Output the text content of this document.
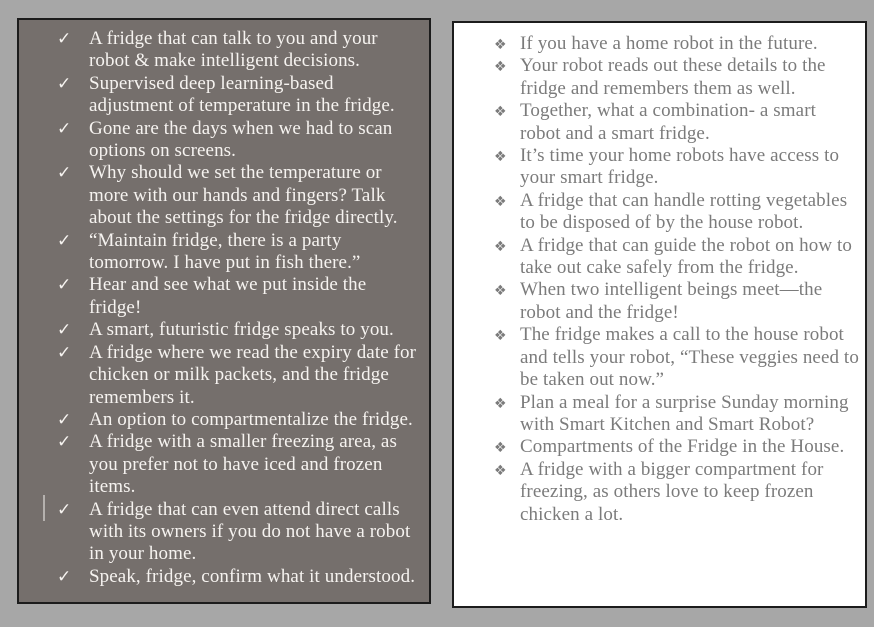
✓ A fridge that can talk to you and your robot & make intelligent decisions.
✓ Supervised deep learning-based adjustment of temperature in the fridge.
✓ Gone are the days when we had to scan options on screens.
✓ Why should we set the temperature or more with our hands and fingers? Talk about the settings for the fridge directly.
✓ “Maintain fridge, there is a party tomorrow. I have put in fish there.”
✓ Hear and see what we put inside the fridge!
✓ A smart, futuristic fridge speaks to you.
✓ A fridge where we read the expiry date for chicken or milk packets, and the fridge remembers it.
✓ An option to compartmentalize the fridge.
✓ A fridge with a smaller freezing area, as you prefer not to have iced and frozen items.
✓ A fridge that can even attend direct calls with its owners if you do not have a robot in your home.
✓ Speak, fridge, confirm what it understood.
❖ If you have a home robot in the future.
❖ Your robot reads out these details to the fridge and remembers them as well.
❖ Together, what a combination- a smart robot and a smart fridge.
❖ It’s time your home robots have access to your smart fridge.
❖ A fridge that can handle rotting vegetables to be disposed of by the house robot.
❖ A fridge that can guide the robot on how to take out cake safely from the fridge.
❖ When two intelligent beings meet—the robot and the fridge!
❖ The fridge makes a call to the house robot and tells your robot, “These veggies need to be taken out now.”
❖ Plan a meal for a surprise Sunday morning with Smart Kitchen and Smart Robot?
❖ Compartments of the Fridge in the House.
❖ A fridge with a bigger compartment for freezing, as others love to keep frozen chicken a lot.
